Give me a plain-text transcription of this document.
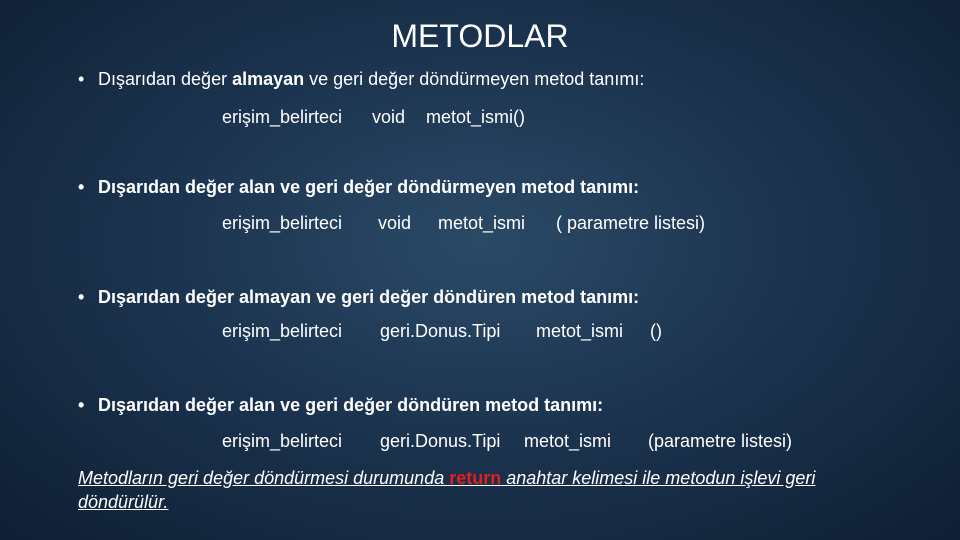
METODLAR
• Dışarıdan değer almayan ve geri değer döndürmeyen metod tanımı:
erişim_belirteci void metot_ismi()
• Dışarıdan değer alan ve geri değer döndürmeyen metod tanımı:
erişim_belirteci void metot_ismi ( parametre listesi)
• Dışarıdan değer almayan ve geri değer döndüren metod tanımı:
erişim_belirteci geri.Donus.Tipi metot_ismi ()
• Dışarıdan değer alan ve geri değer döndüren metod tanımı:
erişim_belirteci geri.Donus.Tipi metot_ismi (parametre listesi)
Metodların geri değer döndürmesi durumunda return anahtar kelimesi ile metodun işlevi geri döndürülür.
